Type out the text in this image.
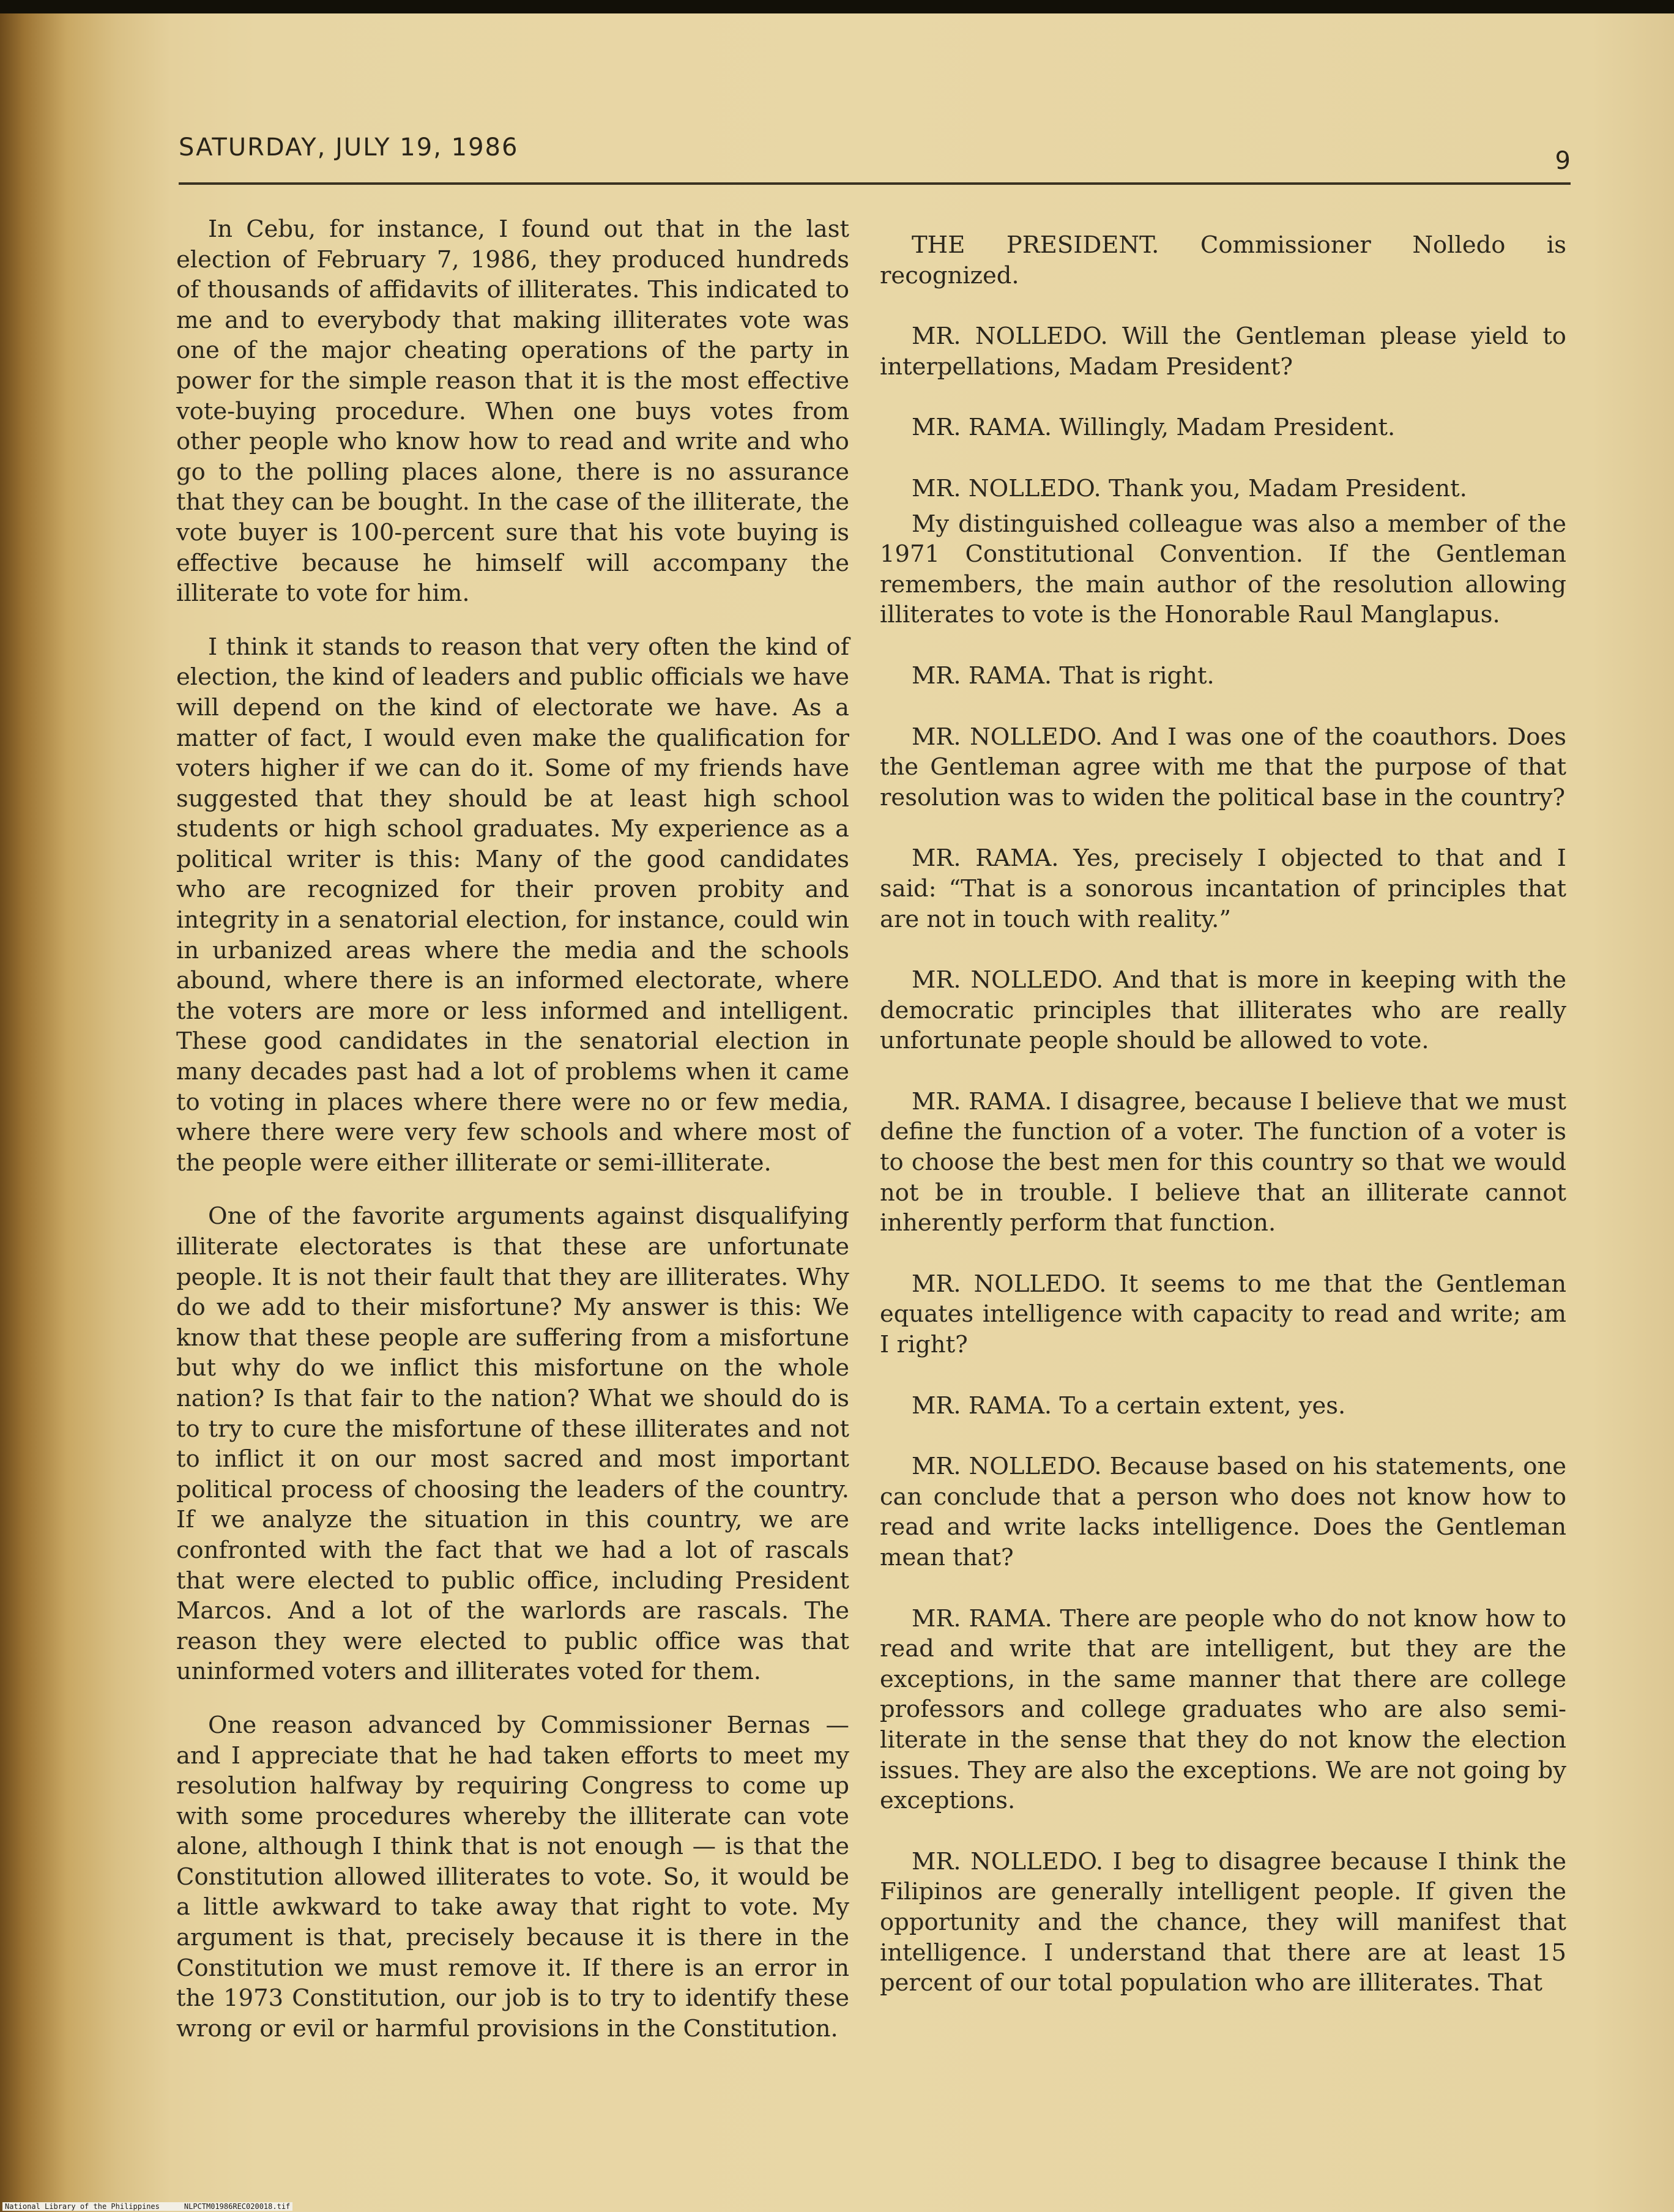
SATURDAY, JULY 19, 1986	9

In Cebu, for instance, I found out that in the last election of February 7, 1986, they produced hundreds of thousands of affidavits of illiterates. This indicated to me and to everybody that making illiterates vote was one of the major cheating operations of the party in power for the simple reason that it is the most effective vote-buying procedure. When one buys votes from other people who know how to read and write and who go to the polling places alone, there is no assurance that they can be bought. In the case of the illiterate, the vote buyer is 100-percent sure that his vote buying is effective because he himself will accompany the illiterate to vote for him.

I think it stands to reason that very often the kind of election, the kind of leaders and public officials we have will depend on the kind of electorate we have. As a matter of fact, I would even make the qualification for voters higher if we can do it. Some of my friends have suggested that they should be at least high school students or high school graduates. My experience as a political writer is this: Many of the good candidates who are recognized for their proven probity and integrity in a senatorial election, for instance, could win in urbanized areas where the media and the schools abound, where there is an informed electorate, where the voters are more or less informed and intelligent. These good candidates in the senatorial election in many decades past had a lot of problems when it came to voting in places where there were no or few media, where there were very few schools and where most of the people were either illiterate or semi-illiterate.

One of the favorite arguments against disqualifying illiterate electorates is that these are unfortunate people. It is not their fault that they are illiterates. Why do we add to their misfortune? My answer is this: We know that these people are suffering from a misfortune but why do we inflict this misfortune on the whole nation? Is that fair to the nation? What we should do is to try to cure the misfortune of these illiterates and not to inflict it on our most sacred and most important political process of choosing the leaders of the country. If we analyze the situation in this country, we are confronted with the fact that we had a lot of rascals that were elected to public office, including President Marcos. And a lot of the warlords are rascals. The reason they were elected to public office was that uninformed voters and illiterates voted for them.

One reason advanced by Commissioner Bernas — and I appreciate that he had taken efforts to meet my resolution halfway by requiring Congress to come up with some procedures whereby the illiterate can vote alone, although I think that is not enough — is that the Constitution allowed illiterates to vote. So, it would be a little awkward to take away that right to vote. My argument is that, precisely because it is there in the Constitution we must remove it. If there is an error in the 1973 Constitution, our job is to try to identify these wrong or evil or harmful provisions in the Constitution.

THE PRESIDENT. Commissioner Nolledo is recognized.

MR. NOLLEDO. Will the Gentleman please yield to interpellations, Madam President?

MR. RAMA. Willingly, Madam President.

MR. NOLLEDO. Thank you, Madam President.

My distinguished colleague was also a member of the 1971 Constitutional Convention. If the Gentleman remembers, the main author of the resolution allowing illiterates to vote is the Honorable Raul Manglapus.

MR. RAMA. That is right.

MR. NOLLEDO. And I was one of the coauthors. Does the Gentleman agree with me that the purpose of that resolution was to widen the political base in the country?

MR. RAMA. Yes, precisely I objected to that and I said: “That is a sonorous incantation of principles that are not in touch with reality.”

MR. NOLLEDO. And that is more in keeping with the democratic principles that illiterates who are really unfortunate people should be allowed to vote.

MR. RAMA. I disagree, because I believe that we must define the function of a voter. The function of a voter is to choose the best men for this country so that we would not be in trouble. I believe that an illiterate cannot inherently perform that function.

MR. NOLLEDO. It seems to me that the Gentleman equates intelligence with capacity to read and write; am I right?

MR. RAMA. To a certain extent, yes.

MR. NOLLEDO. Because based on his statements, one can conclude that a person who does not know how to read and write lacks intelligence. Does the Gentleman mean that?

MR. RAMA. There are people who do not know how to read and write that are intelligent, but they are the exceptions, in the same manner that there are college professors and college graduates who are also semi-literate in the sense that they do not know the election issues. They are also the exceptions. We are not going by exceptions.

MR. NOLLEDO. I beg to disagree because I think the Filipinos are generally intelligent people. If given the opportunity and the chance, they will manifest that intelligence. I understand that there are at least 15 percent of our total population who are illiterates. That

National Library of the Philippines	NLPCTM01986REC020018.tif
